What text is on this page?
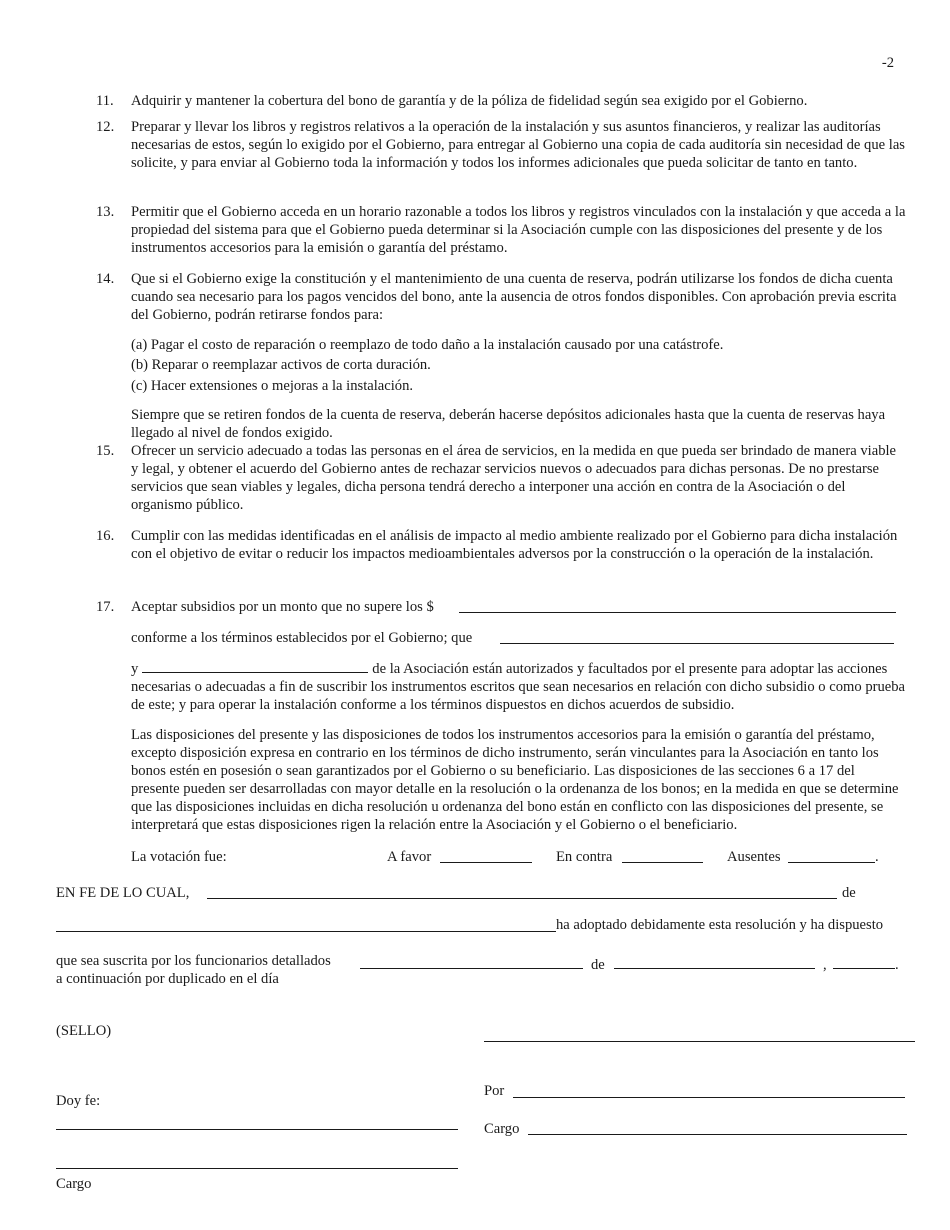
-2
11. Adquirir y mantener la cobertura del bono de garantía y de la póliza de fidelidad según sea exigido por el Gobierno.

12. Preparar y llevar los libros y registros relativos a la operación de la instalación y sus asuntos financieros, y realizar las auditorías necesarias de estos, según lo exigido por el Gobierno, para entregar al Gobierno una copia de cada auditoría sin necesidad de que las solicite, y para enviar al Gobierno toda la información y todos los informes adicionales que pueda solicitar de tanto en tanto.

13. Permitir que el Gobierno acceda en un horario razonable a todos los libros y registros vinculados con la instalación y que acceda a la propiedad del sistema para que el Gobierno pueda determinar si la Asociación cumple con las disposiciones del presente y de los instrumentos accesorios para la emisión o garantía del préstamo.

14. Que si el Gobierno exige la constitución y el mantenimiento de una cuenta de reserva, podrán utilizarse los fondos de dicha cuenta cuando sea necesario para los pagos vencidos del bono, ante la ausencia de otros fondos disponibles. Con aprobación previa escrita del Gobierno, podrán retirarse fondos para:

(a) Pagar el costo de reparación o reemplazo de todo daño a la instalación causado por una catástrofe.

(b) Reparar o reemplazar activos de corta duración.

(c) Hacer extensiones o mejoras a la instalación.

Siempre que se retiren fondos de la cuenta de reserva, deberán hacerse depósitos adicionales hasta que la cuenta de reservas haya llegado al nivel de fondos exigido.

15. Ofrecer un servicio adecuado a todas las personas en el área de servicios, en la medida en que pueda ser brindado de manera viable y legal, y obtener el acuerdo del Gobierno antes de rechazar servicios nuevos o adecuados para dichas personas. De no prestarse servicios que sean viables y legales, dicha persona tendrá derecho a interponer una acción en contra de la Asociación o del organismo público.

16. Cumplir con las medidas identificadas en el análisis de impacto al medio ambiente realizado por el Gobierno para dicha instalación con el objetivo de evitar o reducir los impactos medioambientales adversos por la construcción o la operación de la instalación.

17. Aceptar subsidios por un monto que no supere los $
conforme a los términos establecidos por el Gobierno; que
y	de la Asociación están autorizados y facultados por el presente para adoptar las acciones necesarias o adecuadas a fin de suscribir los instrumentos escritos que sean necesarios en relación con dicho subsidio o como prueba de este; y para operar la instalación conforme a los términos dispuestos en dichos acuerdos de subsidio.
Las disposiciones del presente y las disposiciones de todos los instrumentos accesorios para la emisión o garantía del préstamo, excepto disposición expresa en contrario en los términos de dicho instrumento, serán vinculantes para la Asociación en tanto los bonos estén en posesión o sean garantizados por el Gobierno o su beneficiario. Las disposiciones de las secciones 6 a 17 del presente pueden ser desarrolladas con mayor detalle en la resolución o la ordenanza de los bonos; en la medida en que se determine que las disposiciones incluidas en dicha resolución u ordenanza del bono están en conflicto con las disposiciones del presente, se interpretará que estas disposiciones rigen la relación entre la Asociación y el Gobierno o el beneficiario.
La votación fue:	A favor	En contra	Ausentes	.
EN FE DE LO CUAL,	de
ha adoptado debidamente esta resolución y ha dispuesto
que sea suscrita por los funcionarios detallados
a continuación por duplicado en el día
de	,	.
(SELLO)
Por
Doy fe:
Cargo
Cargo
